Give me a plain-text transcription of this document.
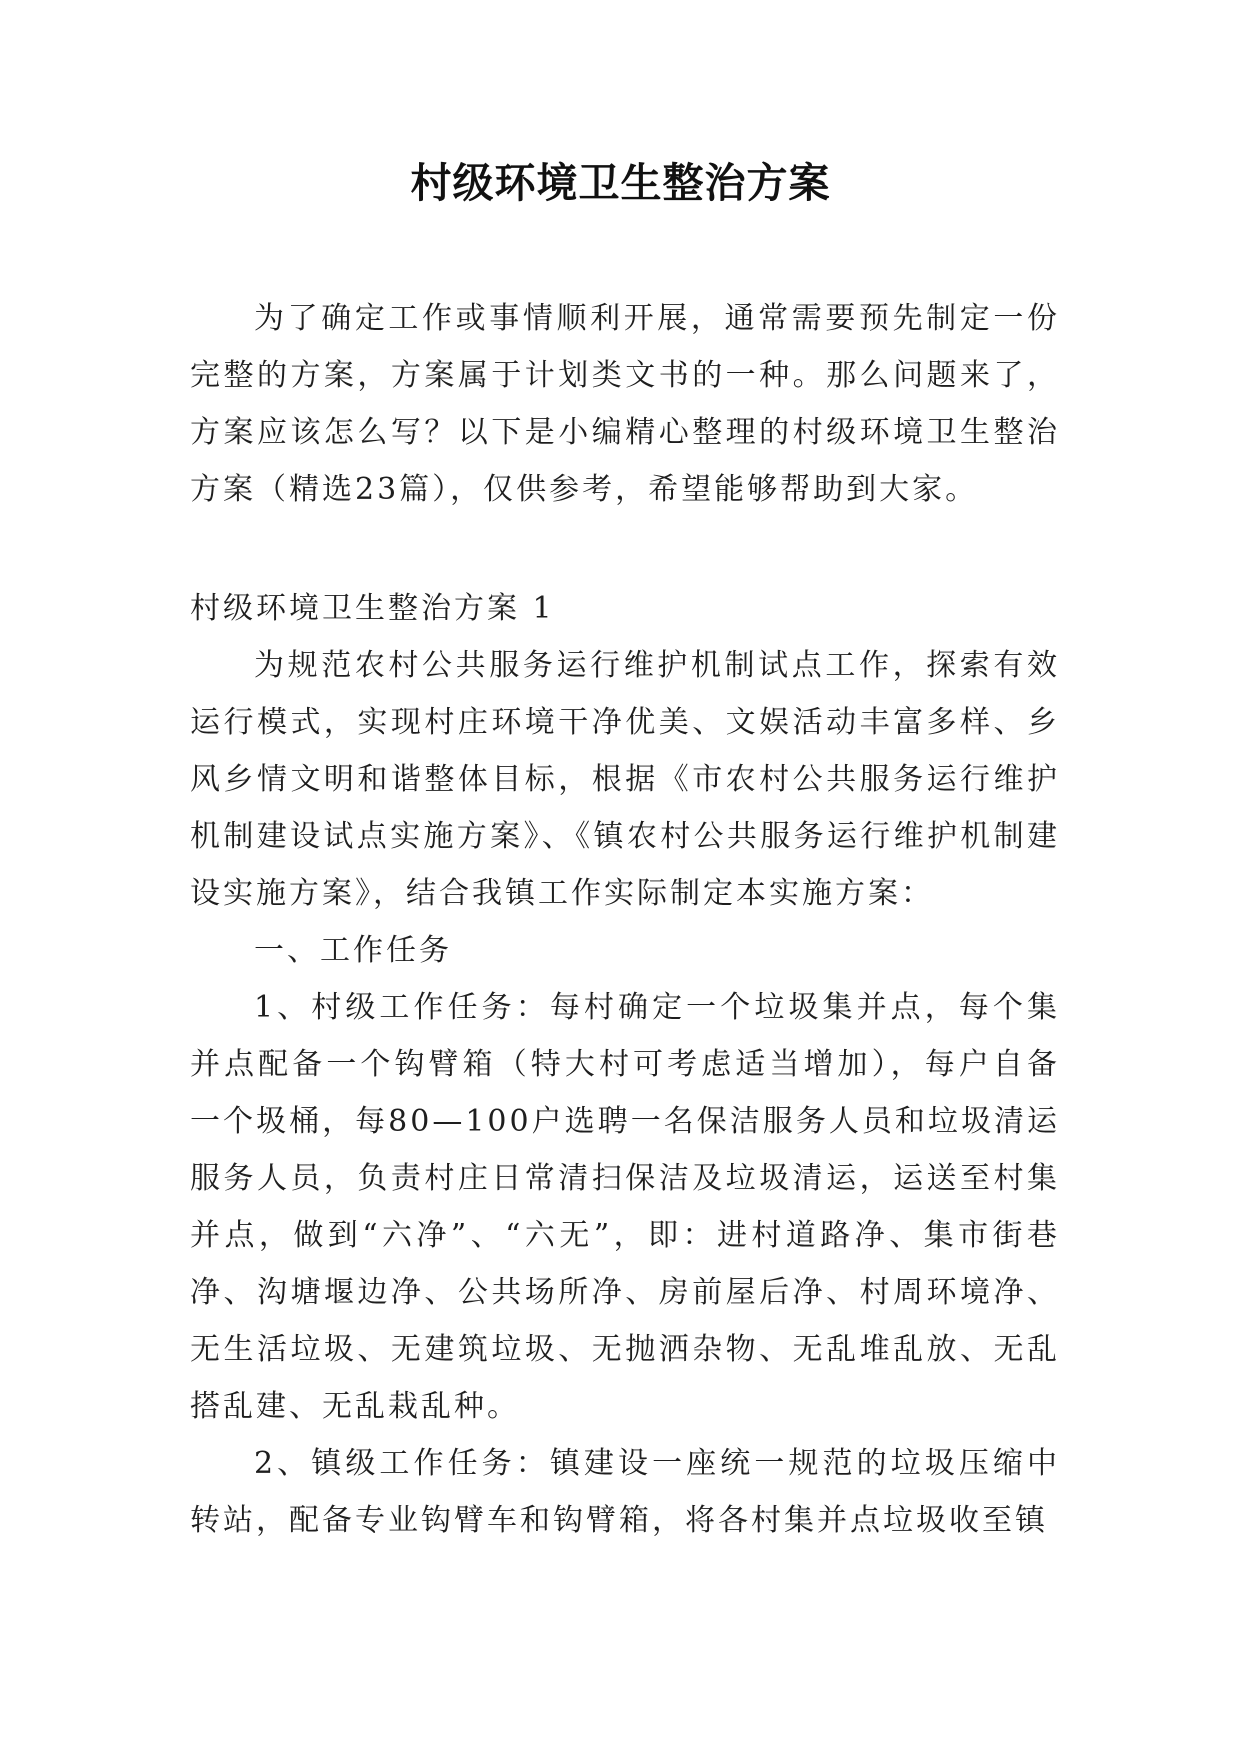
村级环境卫生整治方案

为了确定工作或事情顺利开展，通常需要预先制定一份完整的方案，方案属于计划类文书的一种。那么问题来了，方案应该怎么写？以下是小编精心整理的村级环境卫生整治方案（精选23篇），仅供参考，希望能够帮助到大家。

村级环境卫生整治方案 1

为规范农村公共服务运行维护机制试点工作，探索有效运行模式，实现村庄环境干净优美、文娱活动丰富多样、乡风乡情文明和谐整体目标，根据《市农村公共服务运行维护机制建设试点实施方案》、《镇农村公共服务运行维护机制建设实施方案》，结合我镇工作实际制定本实施方案：

一、工作任务

1、村级工作任务：每村确定一个垃圾集并点，每个集并点配备一个钩臂箱（特大村可考虑适当增加），每户自备一个圾桶，每80—100户选聘一名保洁服务人员和垃圾清运服务人员，负责村庄日常清扫保洁及垃圾清运，运送至村集并点，做到“六净”、“六无”，即：进村道路净、集市街巷净、沟塘堰边净、公共场所净、房前屋后净、村周环境净、无生活垃圾、无建筑垃圾、无抛洒杂物、无乱堆乱放、无乱搭乱建、无乱栽乱种。

2、镇级工作任务：镇建设一座统一规范的垃圾压缩中转站，配备专业钩臂车和钩臂箱，将各村集并点垃圾收至镇
